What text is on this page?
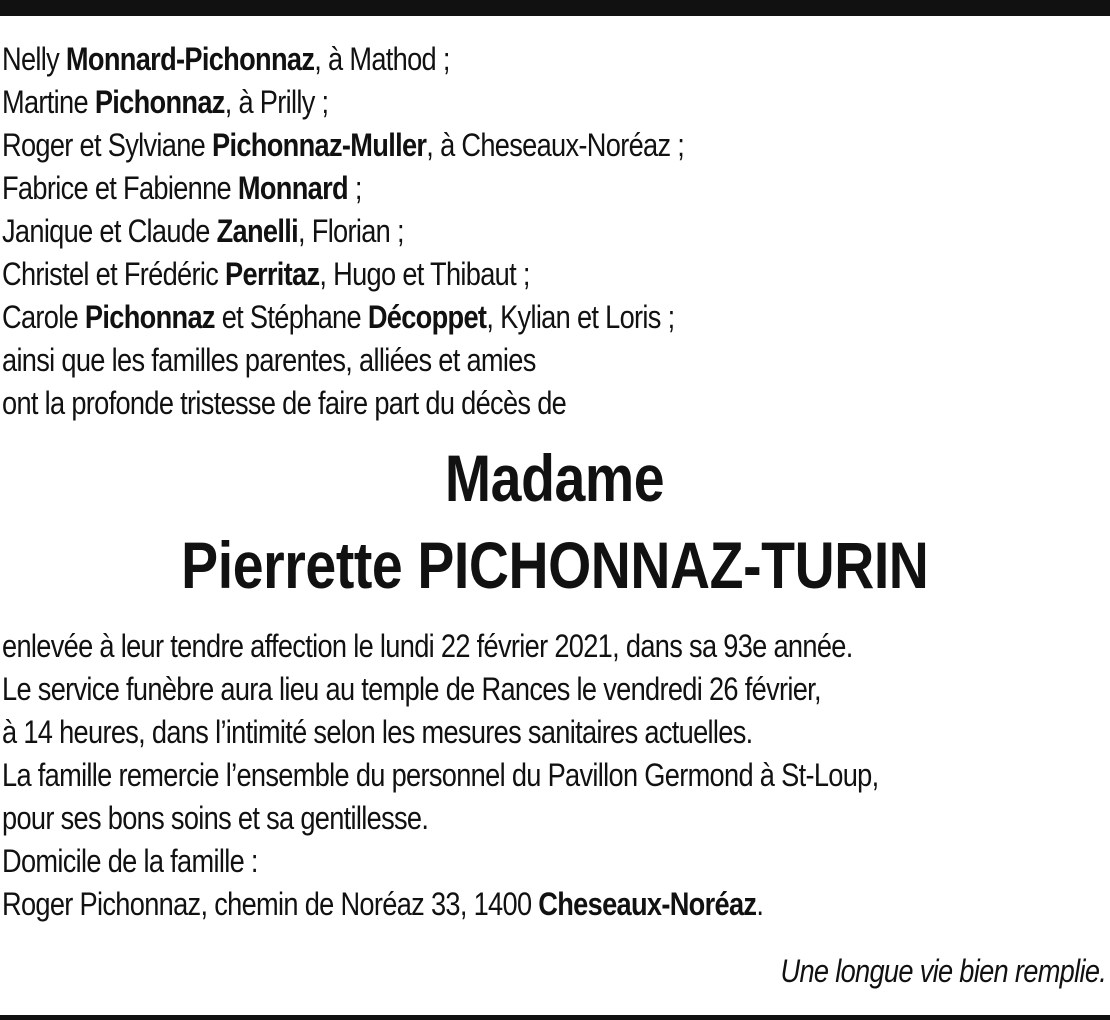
Nelly Monnard-Pichonnaz, à Mathod ;
Martine Pichonnaz, à Prilly ;
Roger et Sylviane Pichonnaz-Muller, à Cheseaux-Noréaz ;
Fabrice et Fabienne Monnard ;
Janique et Claude Zanelli, Florian ;
Christel et Frédéric Perritaz, Hugo et Thibaut ;
Carole Pichonnaz et Stéphane Décoppet, Kylian et Loris ;
ainsi que les familles parentes, alliées et amies
ont la profonde tristesse de faire part du décès de
Madame
Pierrette PICHONNAZ-TURIN
enlevée à leur tendre affection le lundi 22 février 2021, dans sa 93e année.
Le service funèbre aura lieu au temple de Rances le vendredi 26 février,
à 14 heures, dans l’intimité selon les mesures sanitaires actuelles.
La famille remercie l’ensemble du personnel du Pavillon Germond à St-Loup,
pour ses bons soins et sa gentillesse.
Domicile de la famille :
Roger Pichonnaz, chemin de Noréaz 33, 1400 Cheseaux-Noréaz.
Une longue vie bien remplie.
